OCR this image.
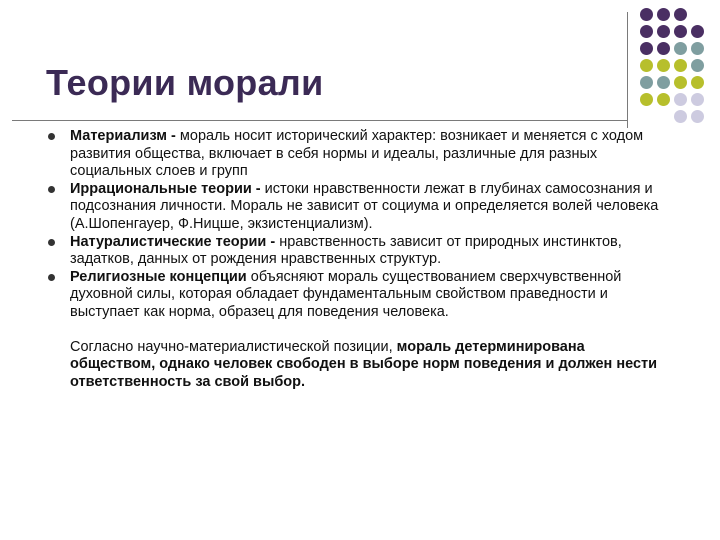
Теории морали
Материализм - мораль носит исторический характер: возникает и меняется с ходом развития общества, включает в себя нормы и идеалы, различные для разных социальных слоев и групп
Иррациональные теории - истоки нравственности лежат в глубинах самосознания и подсознания личности. Мораль не зависит от социума и определяется волей человека (А.Шопенгауер, Ф.Ницше, экзистенциализм).
Натуралистические теории - нравственность зависит от природных инстинктов, задатков, данных от рождения нравственных структур.
Религиозные концепции объясняют мораль существованием сверхчувственной духовной силы, которая обладает фундаментальным свойством праведности и выступает как норма, образец для поведения человека.
Согласно научно-материалистической позиции, мораль детерминирована обществом, однако человек свободен в выборе норм поведения и должен нести ответственность за свой выбор.
